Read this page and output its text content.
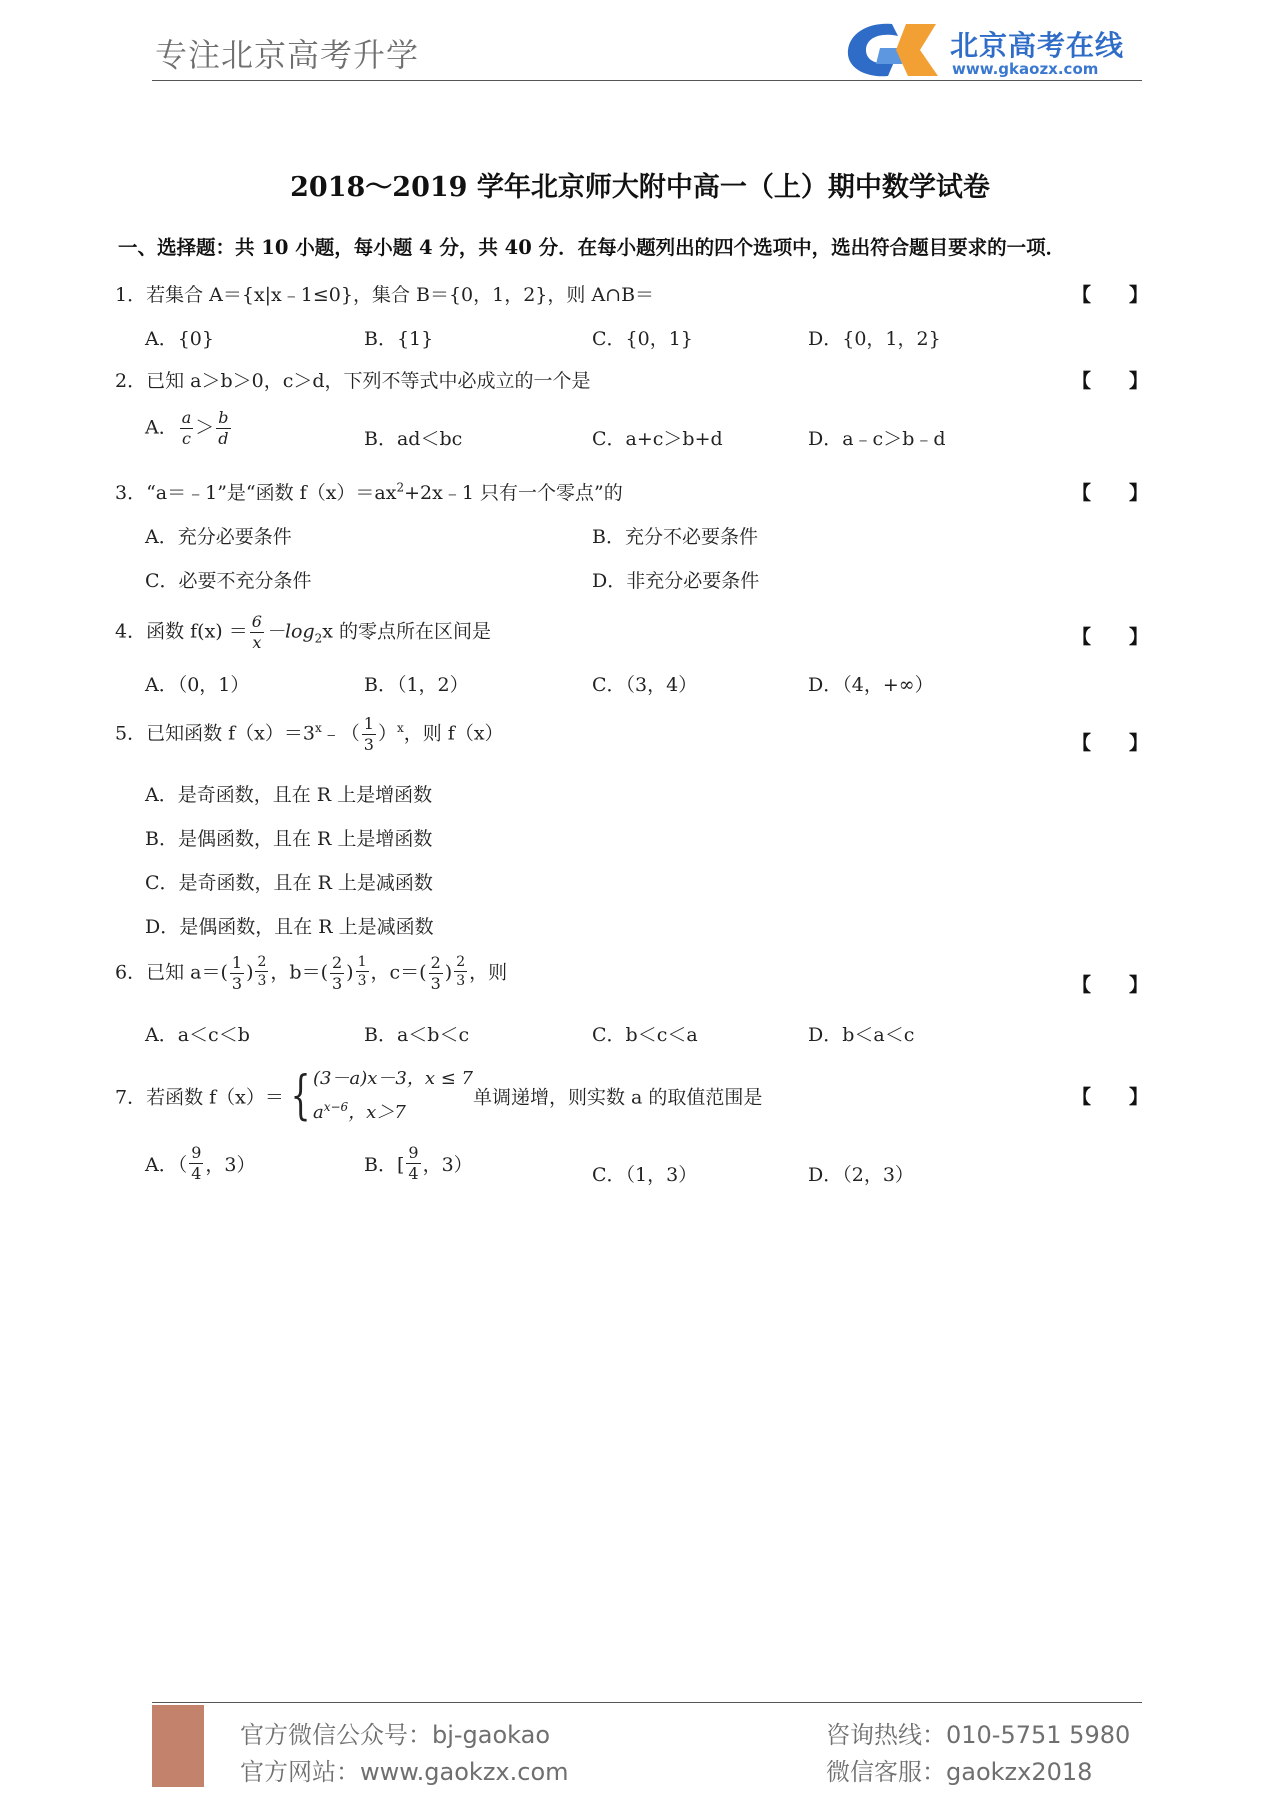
专注北京高考升学	北京高考在线
www.gkaozx.com
2018～2019 学年北京师大附中高一（上）期中数学试卷
一、选择题：共 10 小题，每小题 4 分，共 40 分．在每小题列出的四个选项中，选出符合题目要求的一项．
1．若集合 A＝{x|x﹣1≤0}，集合 B＝{0，1，2}，则 A∩B＝	【　　】
A．{0}	B．{1}	C．{0，1}	D．{0，1，2}
2．已知 a＞b＞0，c＞d，下列不等式中必成立的一个是	【　　】
A． $\frac{a}{c} > \frac{b}{d}$	B．ad＜bc	C．a+c＞b+d	D．a﹣c＞b﹣d
3．“a＝﹣1”是“函数 $f(x)=ax^2+2x﹣1$ 只有一个零点”的	【　　】
A．充分必要条件	B．充分不必要条件
C．必要不充分条件	D．非充分必要条件
4．函数 $f(x) = \frac{6}{x} -\log_2x$ 的零点所在区间是	【　　】
A．（0，1）	B．（1，2）	C．（3，4）	D．（4，+∞）
5．已知函数 $f(x)=3^x﹣( \frac{1}{3} )^x$，则 f（x）	【　　】
A．是奇函数，且在 R 上是增函数
B．是偶函数，且在 R 上是增函数
C．是奇函数，且在 R 上是减函数
D．是偶函数，且在 R 上是减函数
6．已知 $a=( \frac{1}{3}$ ) $\frac{2}{3}$ ，$b=( \frac{2}{3}$ ) $\frac{1}{3}$ ，$c=( \frac{2}{3}$ ) $\frac{2}{3}$ ，则
【　　】
A．a＜c＜b	B．a＜b＜c	C．b＜c＜a	D．b＜a＜c
7．若函数 f（x）＝ { (3－a)x－3，x ≤ 7
$a^{x-6}$，x＞7
单调递增，则实数 a 的取值范围是	【　　】
A．（ $\frac{9}{4}$ ，3）	B．[ $\frac{9}{4}$ ，3）	C．（1，3）	D．（2，3）
官方微信公众号：bj-gaokao
官方网站：www.gaokzx.com
咨询热线：010-5751 5980
微信客服：gaokzx2018
